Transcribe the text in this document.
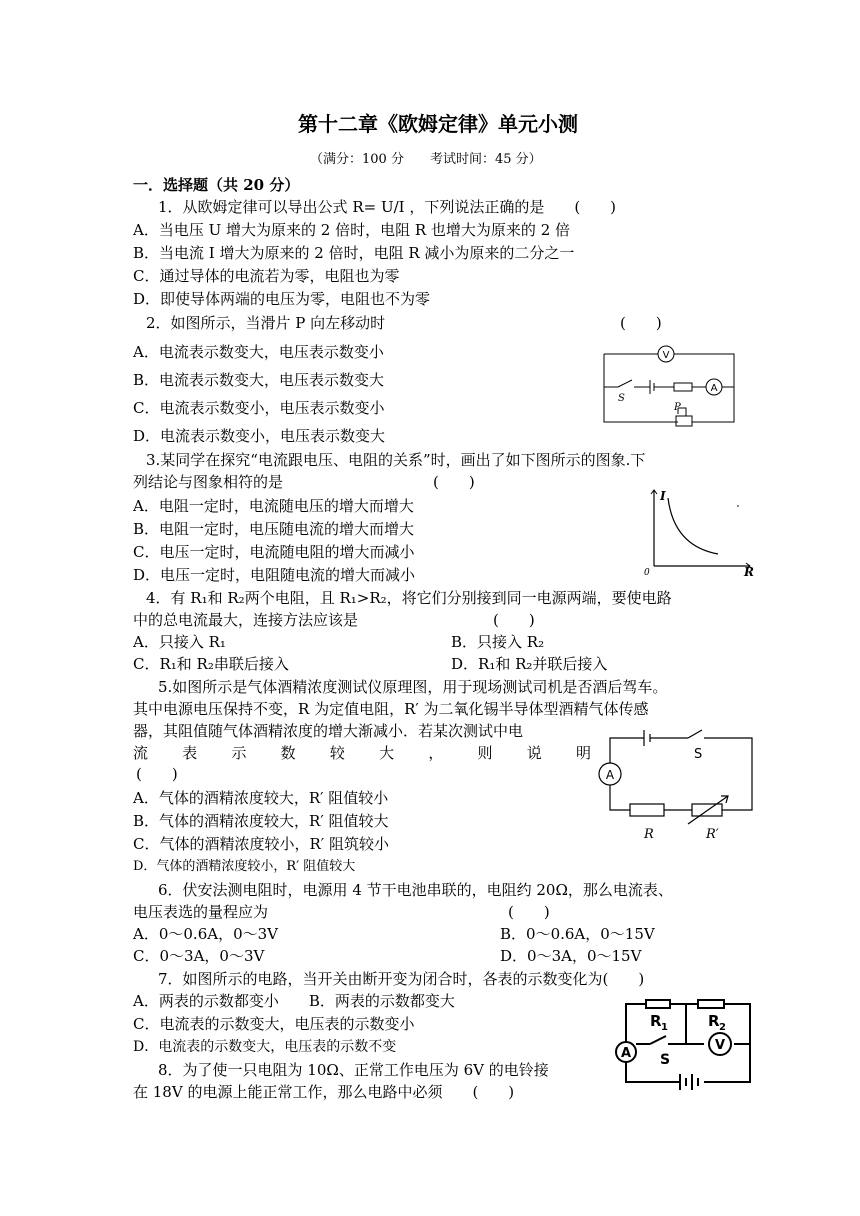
第十二章《欧姆定律》单元小测
（满分：100 分　　考试时间：45 分）
一．选择题（共 20 分）
1．从欧姆定律可以导出公式 R= U/I ，下列说法正确的是　　(　　)
A．当电压 U 增大为原来的 2 倍时，电阻 R 也增大为原来的 2 倍
B．当电流 I 增大为原来的 2 倍时，电阻 R 减小为原来的二分之一
C．通过导体的电流若为零，电阻也为零
D．即使导体两端的电压为零，电阻也不为零
2．如图所示，当滑片 P 向左移动时	(　　)
A．电流表示数变大，电压表示数变小
B．电流表示数变大，电压表示数变大
C．电流表示数变小，电压表示数变小
D．电流表示数变小，电压表示数变大
V
A
S
P
3.某同学在探究“电流跟电压、电阻的关系”时，画出了如下图所示的图象.下
列结论与图象相符的是　　　　　　　　　　(　　)
A．电阻一定时，电流随电压的增大而增大
B．电阻一定时，电压随电流的增大而增大
C．电压一定时，电流随电阻的增大而减小
D．电压一定时，电阻随电流的增大而减小
I
R
0
4．有 R₁和 R₂两个电阻，且 R₁>R₂，将它们分别接到同一电源两端，要使电路
中的总电流最大，连接方法应该是　　　　　　　　　(　　)
A．只接入 R₁	B．只接入 R₂
C．R₁和 R₂串联后接入	D．R₁和 R₂并联后接入
5.如图所示是气体酒精浓度测试仪原理图，用于现场测试司机是否酒后驾车。
其中电源电压保持不变，R 为定值电阻，R′ 为二氧化锡半导体型酒精气体传感
器，其阻值随气体酒精浓度的增大渐减小．若某次测试中电
流 表 示 数 较 大 ， 则 说 明
(　　)
A．气体的酒精浓度较大，R′ 阻值较小
B．气体的酒精浓度较大，R′ 阻值较大
C．气体的酒精浓度较小，R′ 阻筑较小
D．气体的酒精浓度较小，R′ 阻值较大
A
S
R	R′
6．伏安法测电阻时，电源用 4 节干电池串联的，电阻约 20Ω，那么电流表、
电压表选的量程应为　　　　　　　　　　　　　　　　(　　)
A．0～0.6A，0～3V	B．0～0.6A，0～15V
C．0～3A，0～3V	D．0～3A，0～15V
7．如图所示的电路，当开关由断开变为闭合时，各表的示数变化为(　　)
A．两表的示数都变小　　B．两表的示数都变大
C．电流表的示数变大，电压表的示数变小
D．电流表的示数变大，电压表的示数不变	A
V
R 1	R 2
S
8．为了使一只电阻为 10Ω、正常工作电压为 6V 的电铃接
在 18V 的电源上能正常工作，那么电路中必须　　(　　)
